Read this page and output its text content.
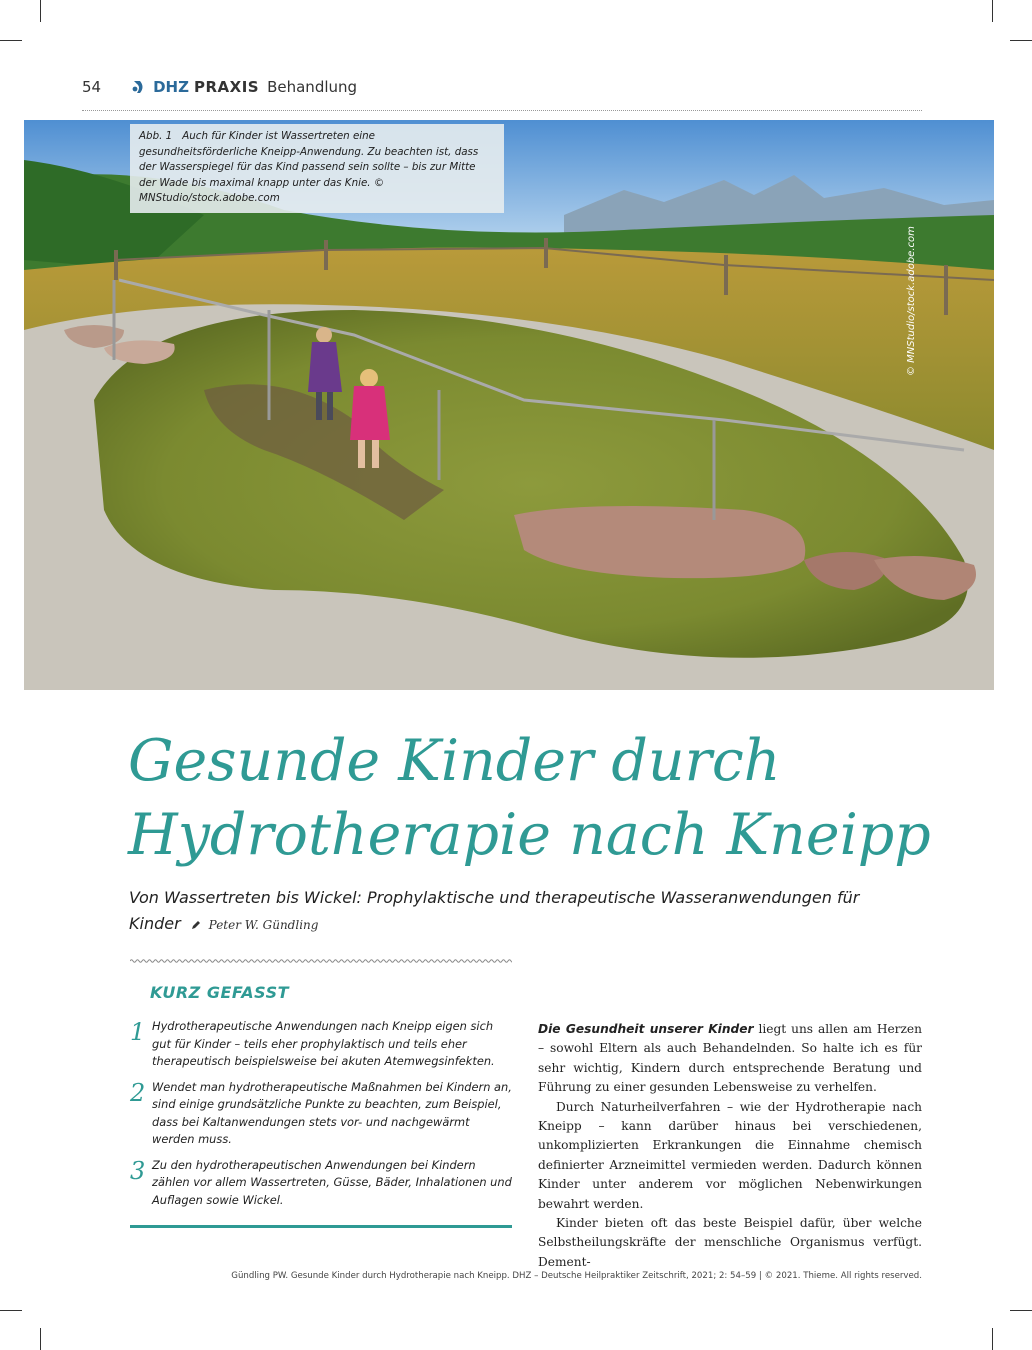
54	DHZ PRAXIS Behandlung
Abb. 1 Auch für Kinder ist Wassertreten eine gesundheitsförderliche Kneipp-Anwendung. Zu beachten ist, dass der Wasserspiegel für das Kind passend sein sollte – bis zur Mitte der Wade bis maximal knapp unter das Knie. © MNStudio/stock.adobe.com
© MNStudio/stock.adobe.com
Gesunde Kinder durch
Hydrotherapie nach Kneipp

Von Wassertreten bis Wickel: Prophylaktische und therapeutische Wasseranwendungen für Kinder Peter W. Gündling

KURZ GEFASST
1 Hydrotherapeutische Anwendungen nach Kneipp eigen sich gut für Kinder – teils eher prophylaktisch und teils eher therapeutisch beispielsweise bei akuten Atemwegsinfekten.
2 Wendet man hydrotherapeutische Maßnahmen bei Kindern an, sind einige grundsätzliche Punkte zu beachten, zum Beispiel, dass bei Kaltanwendungen stets vor- und nachgewärmt werden muss.
3 Zu den hydrotherapeutischen Anwendungen bei Kindern zählen vor allem Wassertreten, Güsse, Bäder, Inhalationen und Auflagen sowie Wickel.

Die Gesundheit unserer Kinder liegt uns allen am Herzen – sowohl Eltern als auch Behandelnden. So halte ich es für sehr wichtig, Kindern durch entsprechende Beratung und Führung zu einer gesunden Lebensweise zu verhelfen.

Durch Naturheilverfahren – wie der Hydrotherapie nach Kneipp – kann darüber hinaus bei verschiedenen, unkomplizierten Erkrankungen die Einnahme chemisch definierter Arzneimittel vermieden werden. Dadurch können Kinder unter anderem vor möglichen Nebenwirkungen bewahrt werden.

Kinder bieten oft das beste Beispiel dafür, über welche Selbstheilungskräfte der menschliche Organismus verfügt. Dement-

Gündling PW. Gesunde Kinder durch Hydrotherapie nach Kneipp. DHZ – Deutsche Heilpraktiker Zeitschrift, 2021; 2: 54–59 | © 2021. Thieme. All rights reserved.
